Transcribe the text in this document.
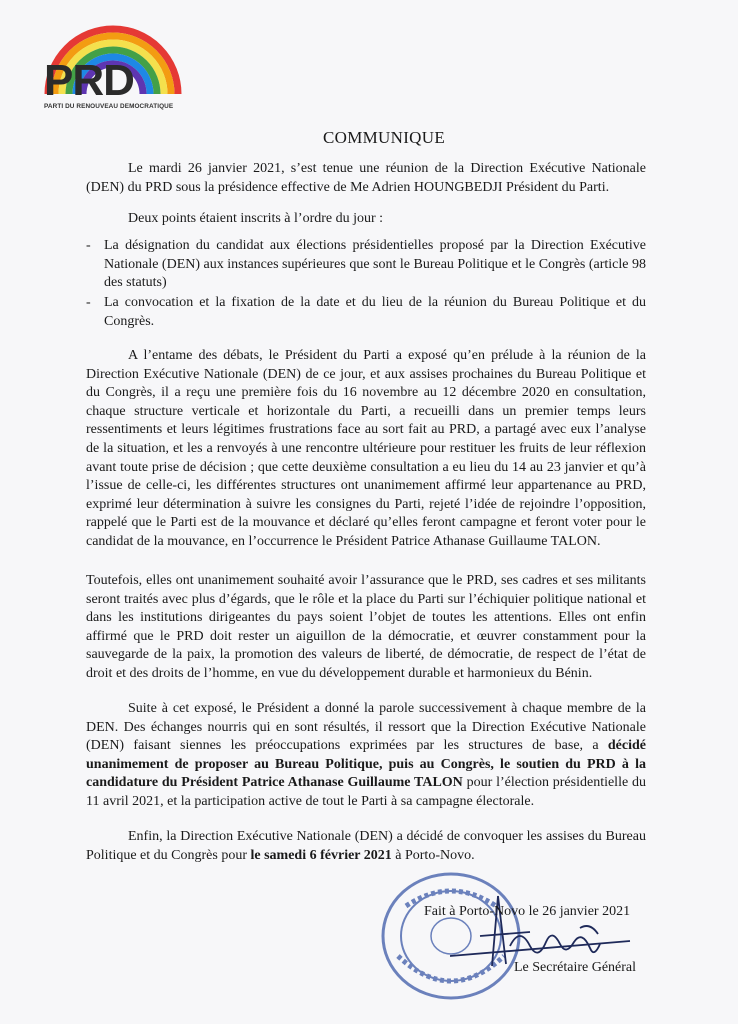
PRD
PARTI DU RENOUVEAU DEMOCRATIQUE
COMMUNIQUE
Le mardi 26 janvier 2021, s’est tenue une réunion de la Direction Exécutive Nationale (DEN) du PRD sous la présidence effective de Me Adrien HOUNGBEDJI Président du Parti.
Deux points étaient inscrits à l’ordre du jour :
- La désignation du candidat aux élections présidentielles proposé par la Direction Exécutive Nationale (DEN) aux instances supérieures que sont le Bureau Politique et le Congrès (article 98 des statuts)
- La convocation et la fixation de la date et du lieu de la réunion du Bureau Politique et du Congrès.
A l’entame des débats, le Président du Parti a exposé qu’en prélude à la réunion de la Direction Exécutive Nationale (DEN) de ce jour, et aux assises prochaines du Bureau Politique et du Congrès, il a reçu une première fois du 16 novembre au 12 décembre 2020 en consultation, chaque structure verticale et horizontale du Parti, a recueilli dans un premier temps leurs ressentiments et leurs légitimes frustrations face au sort fait au PRD, a partagé avec eux l’analyse de la situation, et les a renvoyés à une rencontre ultérieure pour restituer les fruits de leur réflexion avant toute prise de décision ; que cette deuxième consultation a eu lieu du 14 au 23 janvier et qu’à l’issue de celle-ci, les différentes structures ont unanimement affirmé leur appartenance au PRD, exprimé leur détermination à suivre les consignes du Parti, rejeté l’idée de rejoindre l’opposition, rappelé que le Parti est de la mouvance et déclaré qu’elles feront campagne et feront voter pour le candidat de la mouvance, en l’occurrence le Président Patrice Athanase Guillaume TALON.
Toutefois, elles ont unanimement souhaité avoir l’assurance que le PRD, ses cadres et ses militants seront traités avec plus d’égards, que le rôle et la place du Parti sur l’échiquier politique national et dans les institutions dirigeantes du pays soient l’objet de toutes les attentions. Elles ont enfin affirmé que le PRD doit rester un aiguillon de la démocratie, et œuvrer constamment pour la sauvegarde de la paix, la promotion des valeurs de liberté, de démocratie, de respect de l’état de droit et des droits de l’homme, en vue du développement durable et harmonieux du Bénin.
Suite à cet exposé, le Président a donné la parole successivement à chaque membre de la DEN. Des échanges nourris qui en sont résultés, il ressort que la Direction Exécutive Nationale (DEN) faisant siennes les préoccupations exprimées par les structures de base, a décidé unanimement de proposer au Bureau Politique, puis au Congrès, le soutien du PRD à la candidature du Président Patrice Athanase Guillaume TALON pour l’élection présidentielle du 11 avril 2021, et la participation active de tout le Parti à sa campagne électorale.
Enfin, la Direction Exécutive Nationale (DEN) a décidé de convoquer les assises du Bureau Politique et du Congrès pour le samedi 6 février 2021 à Porto-Novo.
Fait à Porto-Novo le 26 janvier 2021
Le Secrétaire Général
